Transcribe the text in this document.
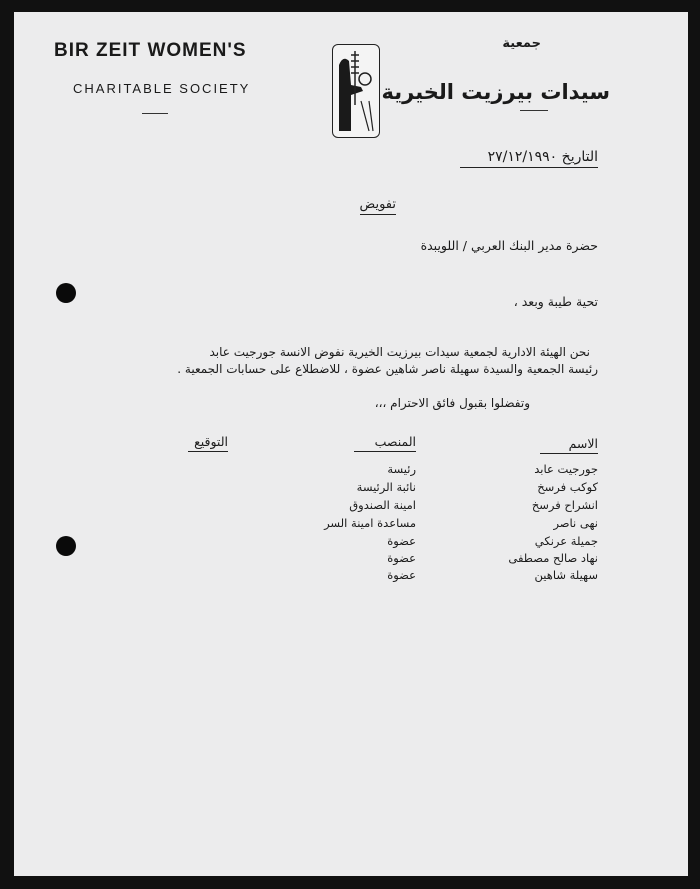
BIR ZEIT WOMEN'S
CHARITABLE SOCIETY
جمعية
سيدات بيرزيت الخيرية
التاريخ ٢٧/١٢/١٩٩٠
تفويض
حضرة مدير البنك العربي / اللويبدة
تحية طيبة وبعد ،
نحن الهيئة الادارية لجمعية سيدات بيرزيت الخيرية نفوض الانسة جورجيت عابد
رئيسة الجمعية والسيدة سهيلة ناصر شاهين عضوة ، للاضطلاع على حسابات الجمعية .
وتفضلوا بقبول فائق الاحترام ،،،
الاسم
المنصب
التوقيع
جورجيت عابد
رئيسة
كوكب فرسخ
نائبة الرئيسة
انشراح فرسخ
امينة الصندوق
نهى ناصر
مساعدة امينة السر
جميلة عرنكي
عضوة
نهاد صالح مصطفى
عضوة
سهيلة شاهين
عضوة
